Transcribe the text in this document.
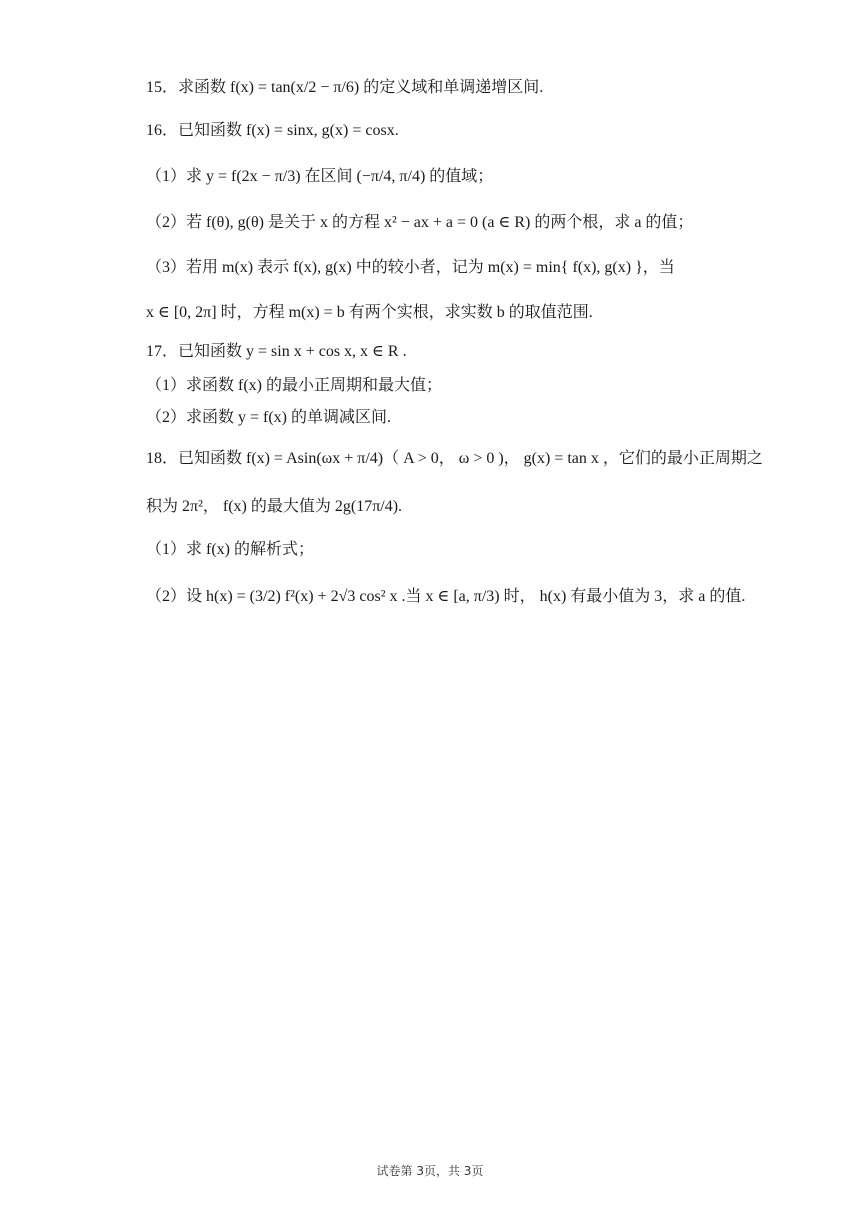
15．求函数 f(x) = tan(x/2 − π/6) 的定义域和单调递增区间.
16．已知函数 f(x) = sinx, g(x) = cosx.
（1）求 y = f(2x − π/3) 在区间 (−π/4, π/4) 的值域；
（2）若 f(θ), g(θ) 是关于 x 的方程 x² − ax + a = 0 (a ∈ R) 的两个根，求 a 的值；
（3）若用 m(x) 表示 f(x), g(x) 中的较小者，记为 m(x) = min{ f(x), g(x) }，当
x ∈ [0, 2π] 时，方程 m(x) = b 有两个实根，求实数 b 的取值范围.
17．已知函数 y = sin x + cos x, x ∈ R .
（1）求函数 f(x) 的最小正周期和最大值；
（2）求函数 y = f(x) 的单调减区间.
18．已知函数 f(x) = Asin(ωx + π/4)（ A > 0， ω > 0 )， g(x) = tan x ，它们的最小正周期之
积为 2π²， f(x) 的最大值为 2g(17π/4).
（1）求 f(x) 的解析式；
（2）设 h(x) = (3/2) f²(x) + 2√3 cos² x .当 x ∈ [a, π/3) 时， h(x) 有最小值为 3，求 a 的值.
试卷第 3页，共 3页
